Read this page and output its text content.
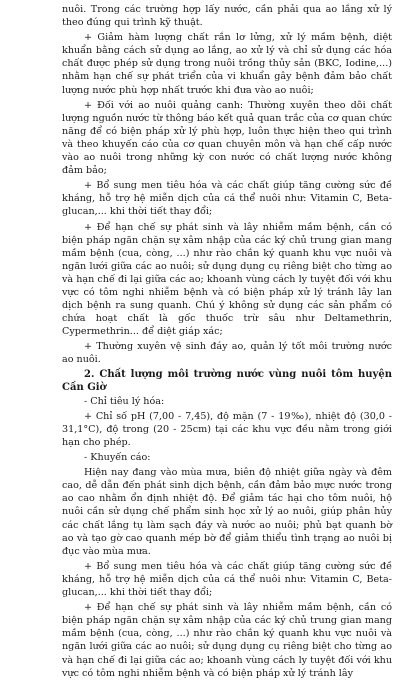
nuôi. Trong các trường hợp lấy nước, cần phải qua ao lắng xử lý theo đúng qui trình kỹ thuật.

+ Giảm hàm lượng chất rắn lơ lửng, xử lý mầm bệnh, diệt khuẩn bằng cách sử dụng ao lắng, ao xử lý và chỉ sử dụng các hóa chất được phép sử dụng trong nuôi trồng thủy sản (BKC, Iodine,...) nhằm hạn chế sự phát triển của vi khuẩn gây bệnh đảm bảo chất lượng nước phù hợp nhất trước khi đưa vào ao nuôi;

+ Đối với ao nuôi quảng canh: Thường xuyên theo dõi chất lượng nguồn nước từ thông báo kết quả quan trắc của cơ quan chức năng để có biện pháp xử lý phù hợp, luôn thực hiện theo qui trình và theo khuyến cáo của cơ quan chuyên môn và hạn chế cấp nước vào ao nuôi trong những kỳ con nước có chất lượng nước không đảm bảo;

+ Bổ sung men tiêu hóa và các chất giúp tăng cường sức đề kháng, hỗ trợ hệ miễn dịch của cá thể nuôi như: Vitamin C, Beta-glucan,... khi thời tiết thay đổi;

+ Để hạn chế sự phát sinh và lây nhiễm mầm bệnh, cần có biện pháp ngăn chặn sự xâm nhập của các ký chủ trung gian mang mầm bệnh (cua, còng, ...) như rào chắn ký quanh khu vực nuôi và ngăn lưới giữa các ao nuôi; sử dụng dụng cụ riêng biệt cho từng ao và hạn chế đi lại giữa các ao; khoanh vùng cách ly tuyệt đối với khu vực có tôm nghi nhiễm bệnh và có biện pháp xử lý tránh lây lan dịch bệnh ra sung quanh. Chú ý không sử dụng các sản phẩm có chứa hoạt chất là gốc thuốc trừ sâu như Deltamethrin, Cypermethrin... để diệt giáp xác;

+ Thường xuyên vệ sinh đáy ao, quản lý tốt môi trường nước ao nuôi.

2. Chất lượng môi trường nước vùng nuôi tôm huyện Cần Giờ

- Chỉ tiêu lý hóa:

+ Chỉ số pH (7,00 - 7,45), độ mặn (7 - 19‰), nhiệt độ (30,0 - 31,1°C), độ trong (20 - 25cm) tại các khu vực đều nằm trong giới hạn cho phép.

- Khuyến cáo:

Hiện nay đang vào mùa mưa, biên độ nhiệt giữa ngày và đêm cao, dễ dẫn đến phát sinh dịch bệnh, cần đảm bảo mực nước trong ao cao nhằm ổn định nhiệt độ. Để giảm tác hại cho tôm nuôi, hộ nuôi cần sử dụng chế phẩm sinh học xử lý ao nuôi, giúp phân hủy các chất lắng tụ làm sạch đáy và nước ao nuôi; phủ bạt quanh bờ ao và tạo gờ cao quanh mép bờ để giảm thiểu tình trạng ao nuôi bị đục vào mùa mưa.

+ Bổ sung men tiêu hóa và các chất giúp tăng cường sức đề kháng, hỗ trợ hệ miễn dịch của cá thể nuôi như: Vitamin C, Beta-glucan,... khi thời tiết thay đổi;

+ Để hạn chế sự phát sinh và lây nhiễm mầm bệnh, cần có biện pháp ngăn chặn sự xâm nhập của các ký chủ trung gian mang mầm bệnh (cua, còng, ...) như rào chắn ký quanh khu vực nuôi và ngăn lưới giữa các ao nuôi; sử dụng dụng cụ riêng biệt cho từng ao và hạn chế đi lại giữa các ao; khoanh vùng cách ly tuyệt đối với khu vực có tôm nghi nhiễm bệnh và có biện pháp xử lý tránh lây
